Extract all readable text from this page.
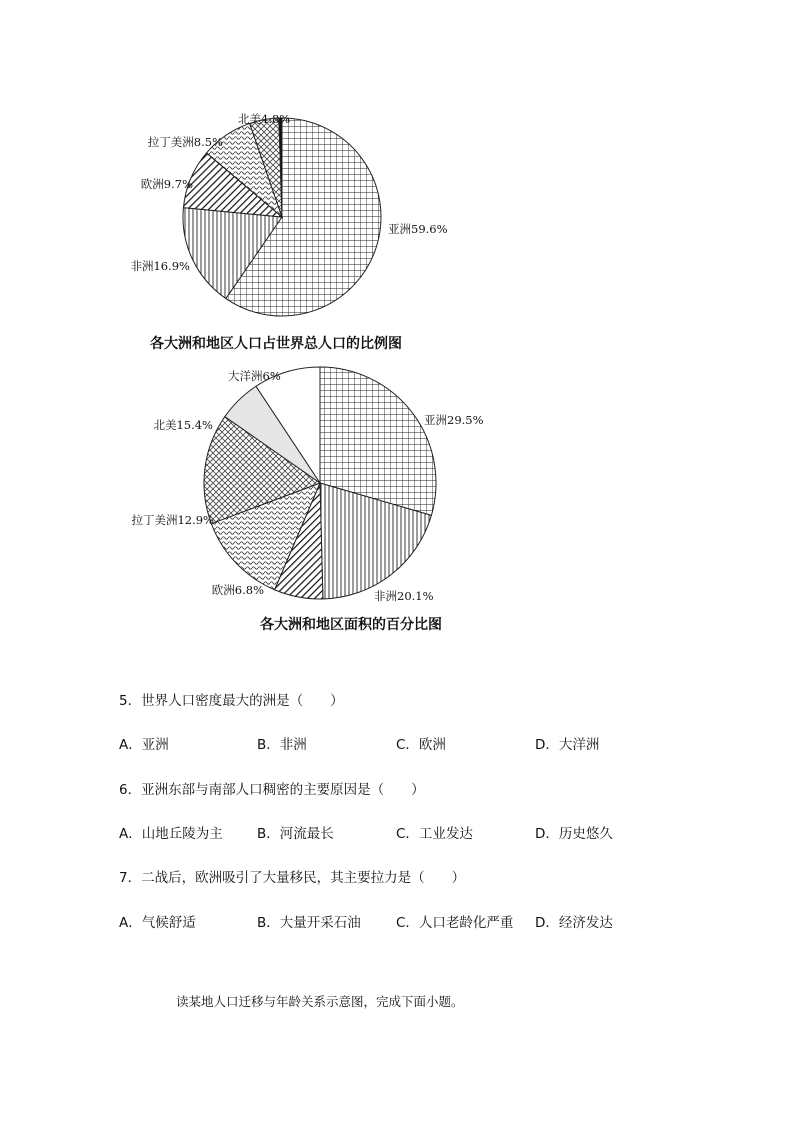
亚洲59.6%
非洲16.9%
欧洲9.7%
拉丁美洲8.5%
北美4.8%
亚洲29.5%
非洲20.1%
欧洲6.8%
拉丁美洲12.9%
北美15.4%
大洋洲6%
各大洲和地区人口占世界总人口的比例图
各大洲和地区面积的百分比图
5．世界人口密度最大的洲是（　　）
A．亚洲	B．非洲	C．欧洲	D．大洋洲
6．亚洲东部与南部人口稠密的主要原因是（　　）
A．山地丘陵为主	B．河流最长	C．工业发达	D．历史悠久
7．二战后，欧洲吸引了大量移民，其主要拉力是（　　）
A．气候舒适	B．大量开采石油	C．人口老龄化严重 D．经济发达
读某地人口迁移与年龄关系示意图，完成下面小题。
